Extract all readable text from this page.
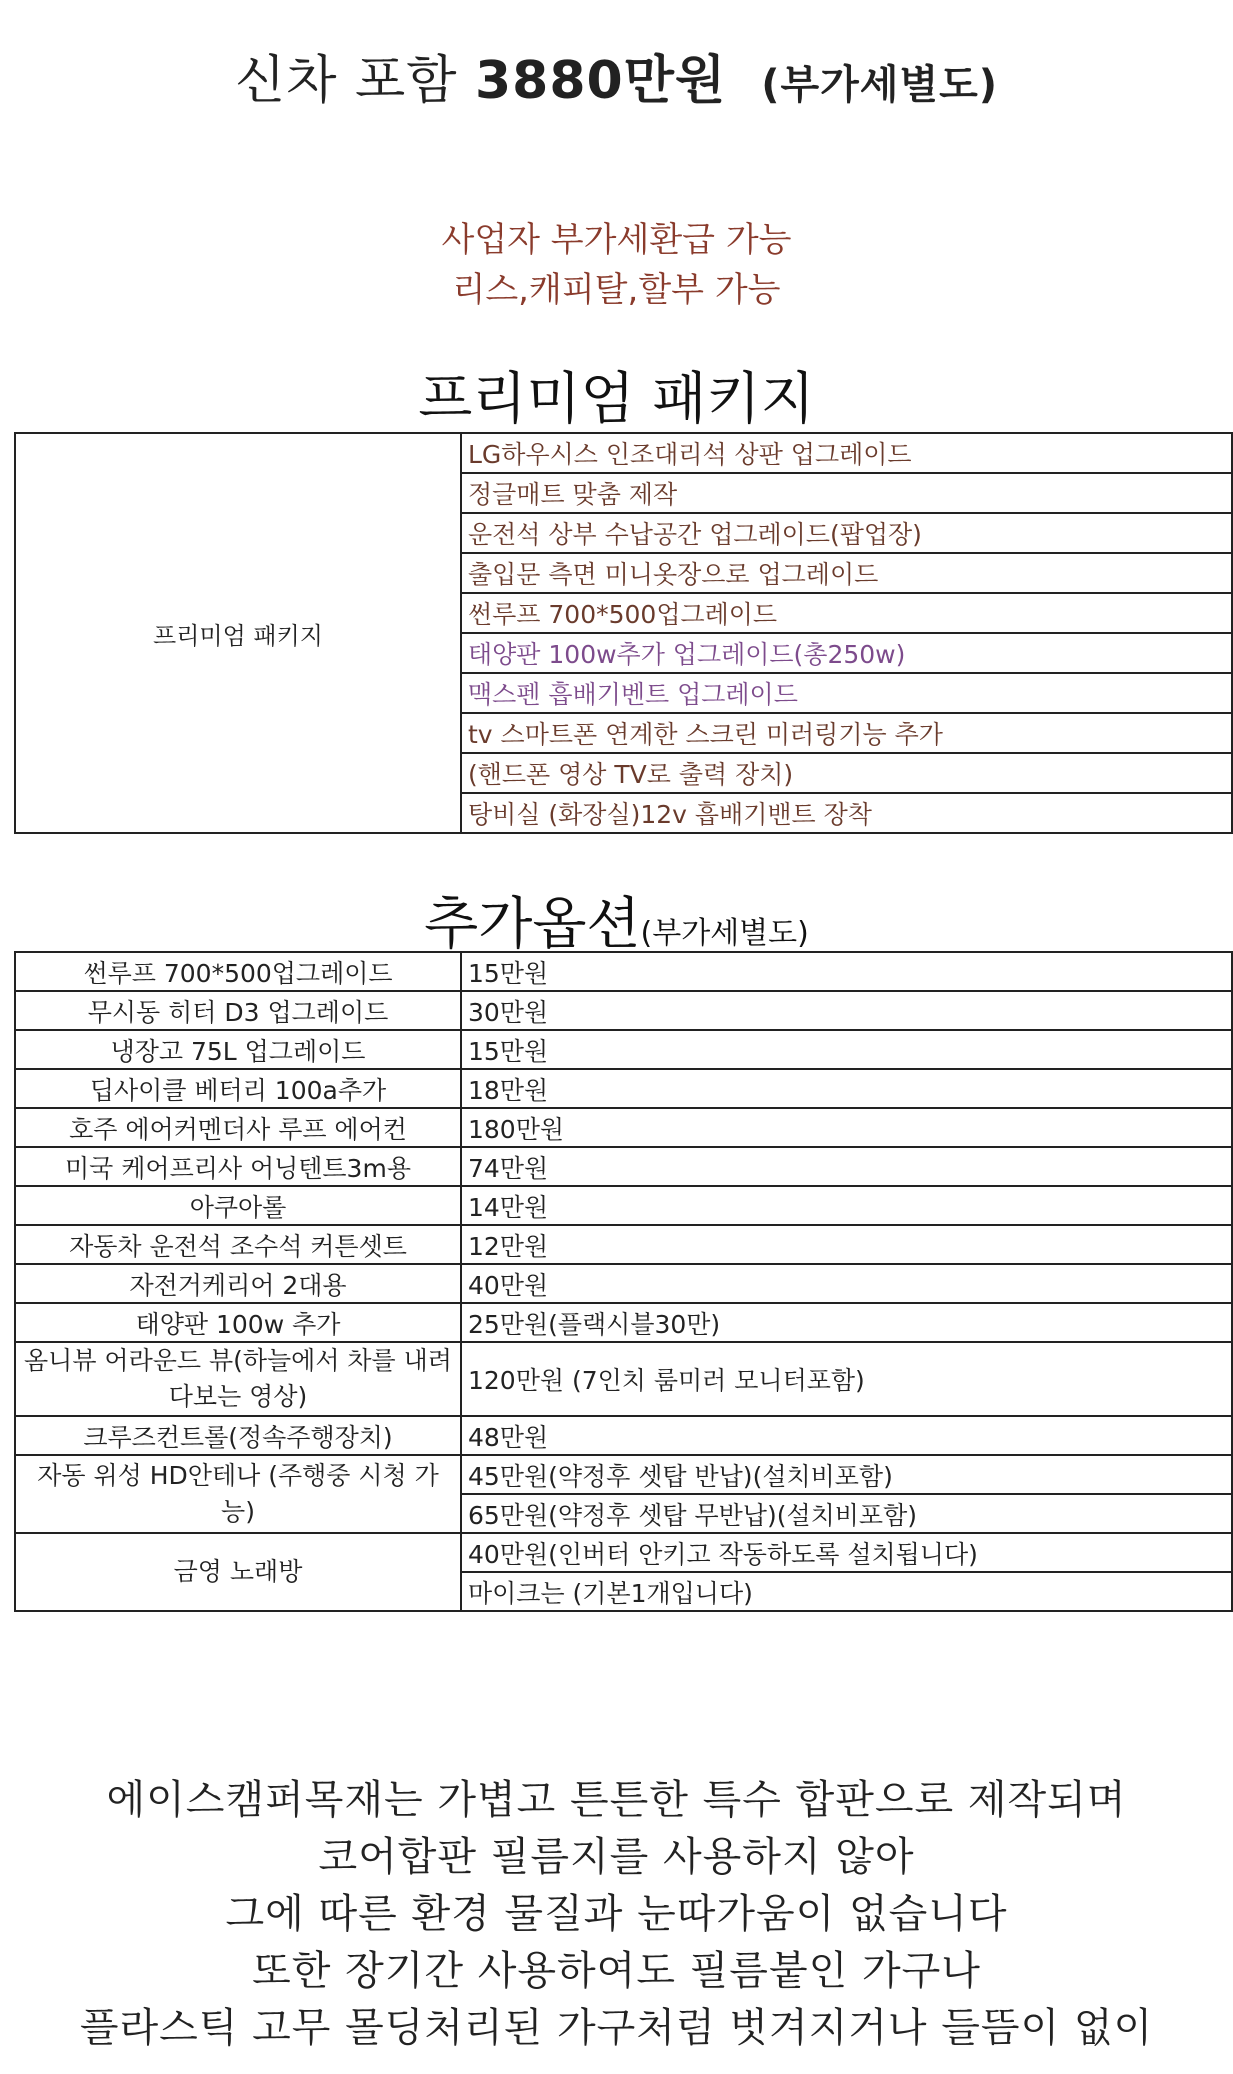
신차 포함 3880만원 (부가세별도)
사업자 부가세환급 가능
리스,캐피탈,할부 가능
프리미엄 패키지
프리미엄 패키지	LG하우시스 인조대리석 상판 업그레이드
정글매트 맞춤 제작
운전석 상부 수납공간 업그레이드(팝업장)
출입문 측면 미니옷장으로 업그레이드
썬루프 700*500업그레이드
태양판 100w추가 업그레이드(총250w)
맥스펜 흡배기벤트 업그레이드
tv 스마트폰 연계한 스크린 미러링기능 추가
(핸드폰 영상 TV로 출력 장치)
탕비실 (화장실)12v 흡배기밴트 장착
추가옵션(부가세별도)
썬루프 700*500업그레이드	15만원
무시동 히터 D3 업그레이드	30만원
냉장고 75L 업그레이드	15만원
딥사이클 베터리 100a추가	18만원
호주 에어커멘더사 루프 에어컨	180만원
미국 케어프리사 어닝텐트3m용	74만원
아쿠아롤	14만원
자동차 운전석 조수석 커튼셋트	12만원
자전거케리어 2대용	40만원
태양판 100w 추가	25만원(플랙시블30만)
옴니뷰 어라운드 뷰(하늘에서 차를 내려다보는 영상)	120만원 (7인치 룸미러 모니터포함)
크루즈컨트롤(정속주행장치)	48만원
자동 위성 HD안테나 (주행중 시청 가능)	45만원(약정후 셋탑 반납)(설치비포함)
	65만원(약정후 셋탑 무반납)(설치비포함)
금영 노래방	40만원(인버터 안키고 작동하도록 설치됩니다)
	마이크는 (기본1개입니다)
에이스캠퍼목재는 가볍고 튼튼한 특수 합판으로 제작되며
코어합판 필름지를 사용하지 않아
그에 따른 환경 물질과 눈따가움이 없습니다
또한 장기간 사용하여도 필름붙인 가구나
플라스틱 고무 몰딩처리된 가구처럼 벗겨지거나 들뜸이 없이
